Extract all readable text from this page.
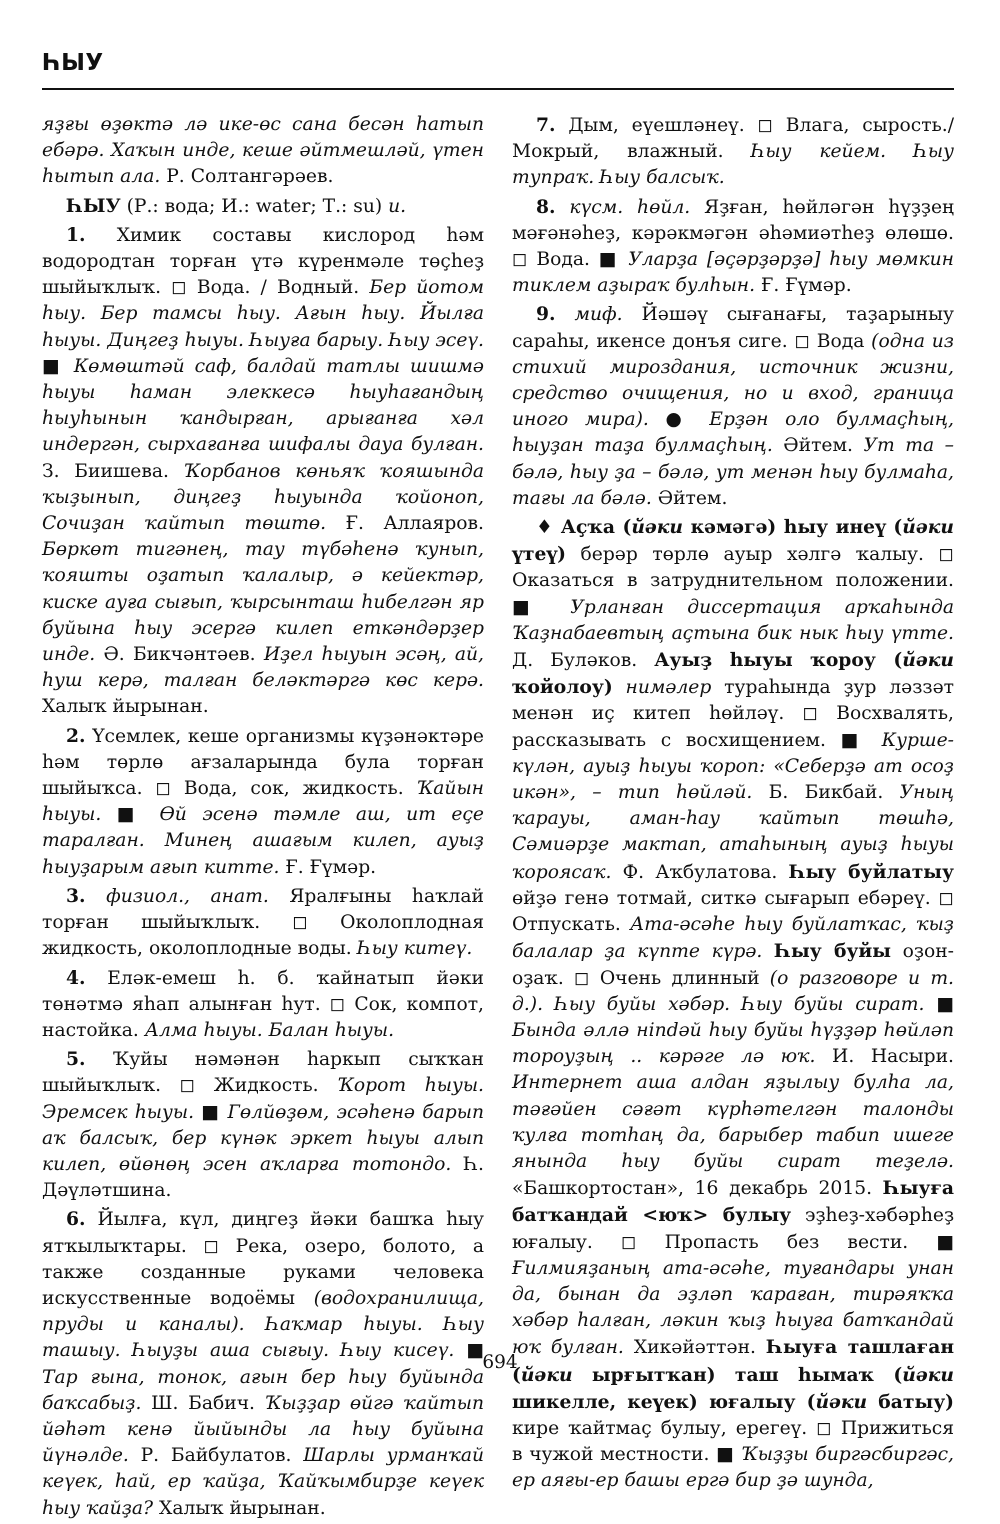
ҺЫУ

яҙғы өҙөктә лә ике-өс сана бесән һатып ебәрә. Хаҡын инде, кеше әйтмешләй, үтен һытып ала. Р. Солтангәрәев.

ҺЫУ (Р.: вода; И.: water; Т.: su) и.

1. Химик составы кислород һәм водородтан торған үтә күренмәле төҫһеҙ шыйыҡлыҡ. ◻ Вода. / Водный. Бер йотом һыу. Бер тамсы һыу. Ағын һыу. Йылға һыуы. Диңгеҙ һыуы. Һыуға барыу. Һыу эсеү. ■ Көмөштәй саф, балдай татлы шишмә һыуы һаман элеккесә һыуһағандың һыуһынын ҡандырған, арығанға хәл индергән, сырхағанға шифалы дауа булған. З. Биишева. Ҡорбанов көньяҡ ҡояшында ҡыҙынып, диңгеҙ һыуында ҡойоноп, Сочиҙан ҡайтып төштө. Ғ. Аллаяров. Бөркөт тигәнең, тау түбәһенә ҡунып, ҡояшты оҙатып ҡалалыр, ә кейектәр, киске ауға сығып, ҡырсынташ һибелгән яр буйына һыу эсергә килеп еткәндәрҙер инде. Ә. Бикчәнтәев. Иҙел һыуын эсәң, ай, һуш керә, талған беләктәргә көс керә. Халыҡ йырынан.

2. Үсемлек, кеше организмы күҙәнәктәре һәм төрлө ағзаларында була торған шыйыҡса. ◻ Вода, сок, жидкость. Ҡайын һыуы. ■ Өй эсенә тәмле аш, ит еҫе таралған. Минең ашағым килеп, ауыҙ һыуҙарым ағып китте. Ғ. Ғүмәр.

3. физиол., анат. Яралғыны һаҡлай торған шыйыҡлыҡ. ◻ Околоплодная жидкость, околоплодные воды. Һыу китеү.

4. Еләк-емеш һ. б. ҡайнатып йәки төнәтмә яһап алынған һут. ◻ Сок, компот, настойка. Алма һыуы. Балан һыуы.

5. Ҡуйы нәмәнән һаркып сыҡҡан шыйыҡлыҡ. ◻ Жидкость. Ҡорот һыуы. Эремсек һыуы. ■ Гөлйөҙөм, эсәһенә барып аҡ балсыҡ, бер күнәк эркет һыуы алып килеп, өйөнөң эсен аҡларға тотондо. Һ. Дәүләтшина.

6. Йылға, күл, диңгеҙ йәки башҡа һыу ятҡылыҡтары. ◻ Река, озеро, болото, а также созданные руками человека искусственные водоёмы (водохранилища, пруды и каналы). Һаҡмар һыуы. Һыу ташыу. Һыуҙы аша сығыу. Һыу кисеү. ■ Тар ғына, тонок, ағын бер һыу буйында баҡсабыҙ. Ш. Бабич. Ҡыҙҙар өйгә ҡайтып йәһәт кенә йыйынды ла һыу буйына йүнәлде. Р. Байбулатов. Шарлы урманҡай кеүек, һай, ер ҡайҙа, Ҡайҡымбирҙе кеүек һыу ҡайҙа? Халыҡ йырынан.

7. Дым, еүешләнеү. ◻ Влага, сырость./ Мокрый, влажный. Һыу кейем. Һыу тупраҡ. Һыу балсыҡ.

8. күсм. һөйл. Яҙған, һөйләгән һүҙҙең мәғәнәһеҙ, кәрәкмәгән әһәмиәтһеҙ өлөшө. ◻ Вода. ■ Уларҙа [әҫәрҙәрҙә] һыу мөмкин тиклем аҙыраҡ булһын. Ғ. Ғүмәр.

9. миф. Йәшәү сығанағы, таҙарыныу сараһы, икенсе донъя сиге. ◻ Вода (одна из стихий мироздания, источник жизни, средство очищения, но и вход, граница иного мира). ● Ерҙән оло булмаҫһың, һыуҙан таҙа булмаҫһың. Әйтем. Ут та – бәлә, һыу ҙа – бәлә, ут менән һыу булмаһа, тағы ла бәлә. Әйтем.

♦ Аҫҡа (йәки кәмәгә) һыу инеү (йәки үтеү) берәр төрлө ауыр хәлгә ҡалыу. ◻ Оказаться в затруднительном положении. ■ Урланған диссертация арҡаһында Ҡаҙнабаевтың аҫтына бик нык һыу үтте. Д. Буләков. Ауыҙ һыуы ҡороу (йәки ҡойолоу) нимәлер тураһында ҙур ләззәт менән иҫ китеп һөйләү. ◻ Восхвалять, рассказывать с восхищением. ■ Курше-күлән, ауыҙ һыуы ҡороп: «Себерҙә ат осоҙ икән», – тип һөйләй. Б. Бикбай. Уның ҡарауы, аман-һау ҡайтып төшһә, Сәмиәрҙе мактап, атаһының ауыҙ һыуы ҡороясаҡ. Ф. Аҡбулатова. Һыу буйлатыу өйҙә генә тотмай, ситкә сығарып ебәреү. ◻ Отпускать. Ата-әсәһе һыу буйлатҡас, ҡыҙ балалар ҙа күпте күрә. Һыу буйы оҙон-оҙаҡ. ◻ Очень длинный (о разговоре и т. д.). Һыу буйы хәбәр. Һыу буйы сират. ■ Бында әллә нindәй һыу буйы һүҙҙәр һөйләп тороуҙың .. кәрәге лә юҡ. И. Насыри. Интернет аша алдан яҙылыу булһа ла, тәғәйен сәғәт күрһәтелгән талонды ҡулға тотһаң да, барыбер табип ишеге янында һыу буйы сират теҙелә. «Башкортостан», 16 декабрь 2015. Һыуға батҡандай <юҡ> булыу эҙһеҙ-хәбәрһеҙ юғалыу. ◻ Пропасть без вести. ■ Ғилмияҙаның ата-әсәһе, туғандары унан да, бынан да эҙләп ҡараған, тирәяҡҡа хәбәр һалған, ләкин ҡыҙ һыуға батҡандай юҡ булған. Хикәйәттән. Һыуға ташлаған (йәки ырғытҡан) таш һымаҡ (йәки шикелле, кеүек) юғалыу (йәки батыу) кире ҡайтмаҫ булыу, ерегеү. ◻ Прижиться в чужой местности. ■ Ҡыҙҙы биргәсбиргәс, ер аяғы-ер башы ергә бир ҙә шунда,

694
